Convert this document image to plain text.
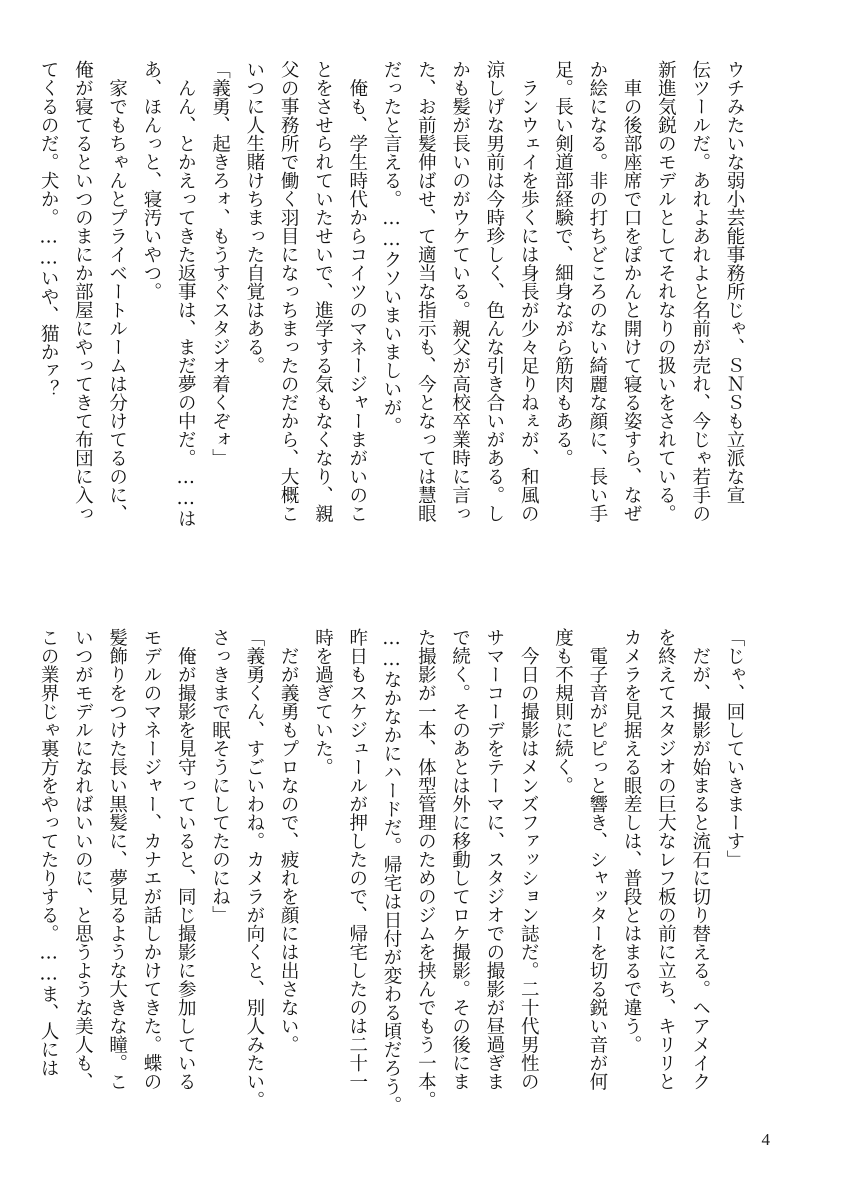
ウチみたいな弱小芸能事務所じゃ、ＳＮＳも立派な宣

伝ツールだ。あれよあれよと名前が売れ、今じゃ若手の

新進気鋭のモデルとしてそれなりの扱いをされている。

　車の後部座席で口をぽかんと開けて寝る姿すら、なぜ

か絵になる。非の打ちどころのない綺麗な顔に、長い手

足。長い剣道部経験で、細身ながら筋肉もある。

　ランウェイを歩くには身長が少々足りねぇが、和風の

涼しげな男前は今時珍しく、色んな引き合いがある。し

かも髪が長いのがウケている。親父が高校卒業時に言っ

た、お前髪伸ばせ、て適当な指示も、今となっては慧眼

だったと言える。……クソいまいましいが。

　俺も、学生時代からコイツのマネージャーまがいのこ

とをさせられていたせいで、進学する気もなくなり、親

父の事務所で働く羽目になっちまったのだから、大概こ

いつに人生賭けちまった自覚はある。

「義勇、起きろォ、もうすぐスタジオ着くぞォ」

　んん、とかえってきた返事は、まだ夢の中だ。……は

あ、ほんっと、寝汚いやつ。

　家でもちゃんとプライベートルームは分けてるのに、

俺が寝てるといつのまにか部屋にやってきて布団に入っ

てくるのだ。犬か。……いや、猫かァ？

「じゃ、回していきまーす」

　だが、撮影が始まると流石に切り替える。ヘアメイク

を終えてスタジオの巨大なレフ板の前に立ち、キリリと

カメラを見据える眼差しは、普段とはまるで違う。

　電子音がピピっと響き、シャッターを切る鋭い音が何

度も不規則に続く。

　今日の撮影はメンズファッション誌だ。二十代男性の

サマーコーデをテーマに、スタジオでの撮影が昼過ぎま

で続く。そのあとは外に移動してロケ撮影。その後にま

た撮影が一本、体型管理のためのジムを挟んでもう一本。

……なかなかにハードだ。帰宅は日付が変わる頃だろう。

昨日もスケジュールが押したので、帰宅したのは二十一

時を過ぎていた。

　だが義勇もプロなので、疲れを顔には出さない。

「義勇くん、すごいわね。カメラが向くと、別人みたい。

さっきまで眠そうにしてたのにね」

　俺が撮影を見守っていると、同じ撮影に参加している

モデルのマネージャー、カナエが話しかけてきた。蝶の

髪飾りをつけた長い黒髪に、夢見るような大きな瞳。こ

いつがモデルになればいいのに、と思うような美人も、

この業界じゃ裏方をやってたりする。……ま、人には

4
